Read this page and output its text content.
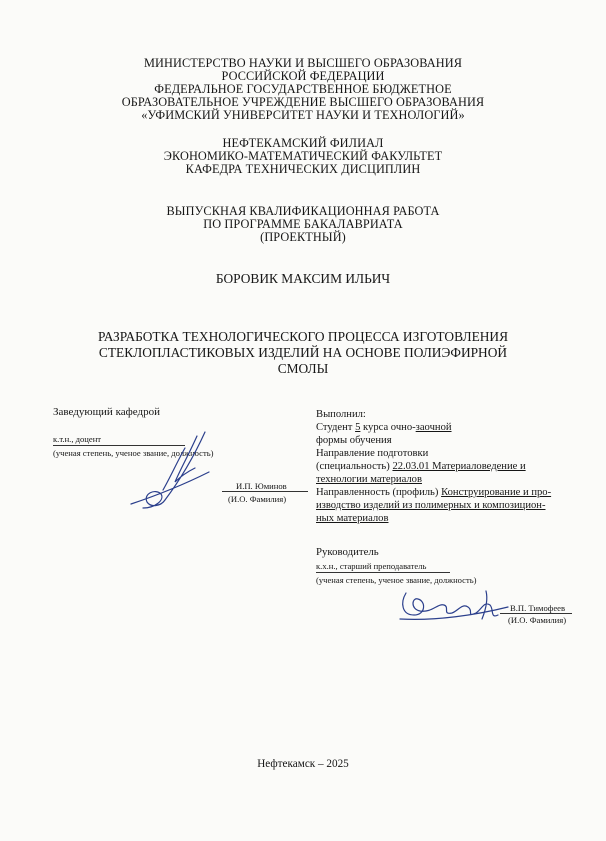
МИНИСТЕРСТВО НАУКИ И ВЫСШЕГО ОБРАЗОВАНИЯ
РОССИЙСКОЙ ФЕДЕРАЦИИ
ФЕДЕРАЛЬНОЕ ГОСУДАРСТВЕННОЕ БЮДЖЕТНОЕ
ОБРАЗОВАТЕЛЬНОЕ УЧРЕЖДЕНИЕ ВЫСШЕГО ОБРАЗОВАНИЯ
«УФИМСКИЙ УНИВЕРСИТЕТ НАУКИ И ТЕХНОЛОГИЙ»
НЕФТЕКАМСКИЙ ФИЛИАЛ
ЭКОНОМИКО-МАТЕМАТИЧЕСКИЙ ФАКУЛЬТЕТ
КАФЕДРА ТЕХНИЧЕСКИХ ДИСЦИПЛИН
ВЫПУСКНАЯ КВАЛИФИКАЦИОННАЯ РАБОТА
ПО ПРОГРАММЕ БАКАЛАВРИАТА
(ПРОЕКТНЫЙ)
БОРОВИК МАКСИМ ИЛЬИЧ
РАЗРАБОТКА ТЕХНОЛОГИЧЕСКОГО ПРОЦЕССА ИЗГОТОВЛЕНИЯ
СТЕКЛОПЛАСТИКОВЫХ ИЗДЕЛИЙ НА ОСНОВЕ ПОЛИЭФИРНОЙ
СМОЛЫ
Заведующий кафедрой
к.т.н., доцент
(ученая степень, ученое звание, должность)
И.П. Юминов
(И.О. Фамилия)
Выполнил:
Студент 5 курса очно-заочной
формы обучения
Направление подготовки
(специальность) 22.03.01 Материаловедение и
технологии материалов
Направленность (профиль) Конструирование и про-
изводство изделий из полимерных и композицион-
ных материалов
Руководитель
к.х.н., старший преподаватель
(ученая степень, ученое звание, должность)
В.П. Тимофеев
(И.О. Фамилия)
Нефтекамск – 2025
